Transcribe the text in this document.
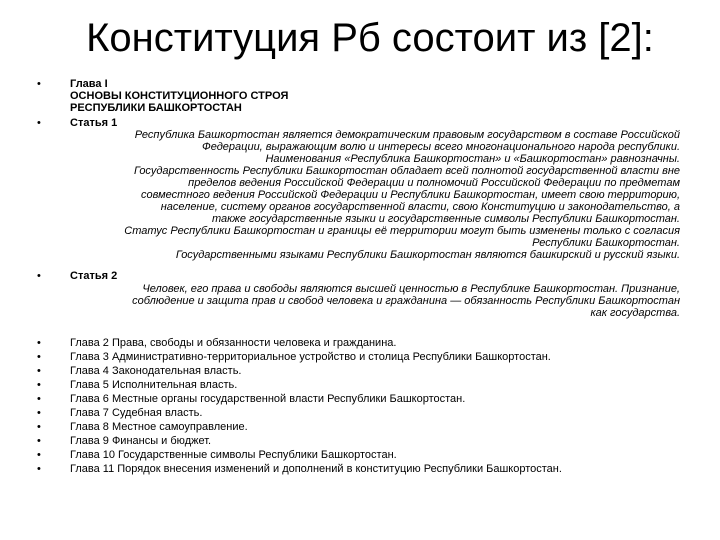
Конституция Рб состоит из [2]:
•	Глава I
ОСНОВЫ КОНСТИТУЦИОННОГО СТРОЯ
РЕСПУБЛИКИ БАШКОРТОСТАН
•	Статья 1
Республика Башкортостан является демократическим правовым государством в составе Российской
Федерации, выражающим волю и интересы всего многонационального народа республики.
Наименования «Республика Башкортостан» и «Башкортостан» равнозначны.
Государственность Республики Башкортостан обладает всей полнотой государственной власти вне
пределов ведения Российской Федерации и полномочий Российской Федерации по предметам
совместного ведения Российской Федерации и Республики Башкортостан, имеет свою территорию,
население, систему органов государственной власти, свою Конституцию и законодательство, а
также государственные языки и государственные символы Республики Башкортостан.
Статус Республики Башкортостан и границы её территории могут быть изменены только с согласия
Республики Башкортостан.
Государственными языками Республики Башкортостан являются башкирский и русский языки.
•	Статья 2
Человек, его права и свободы являются высшей ценностью в Республике Башкортостан. Признание,
соблюдение и защита прав и свобод человека и гражданина — обязанность Республики Башкортостан
как государства.
•	Глава 2 Права, свободы и обязанности человека и гражданина.
•	Глава 3 Административно-территориальное устройство и столица Республики Башкортостан.
•	Глава 4 Законодательная власть.
•	Глава 5 Исполнительная власть.
•	Глава 6 Местные органы государственной власти Республики Башкортостан.
•	Глава 7 Судебная власть.
•	Глава 8 Местное самоуправление.
•	Глава 9 Финансы и бюджет.
•	Глава 10 Государственные символы Республики Башкортостан.
•	Глава 11 Порядок внесения изменений и дополнений в конституцию Республики Башкортостан.
